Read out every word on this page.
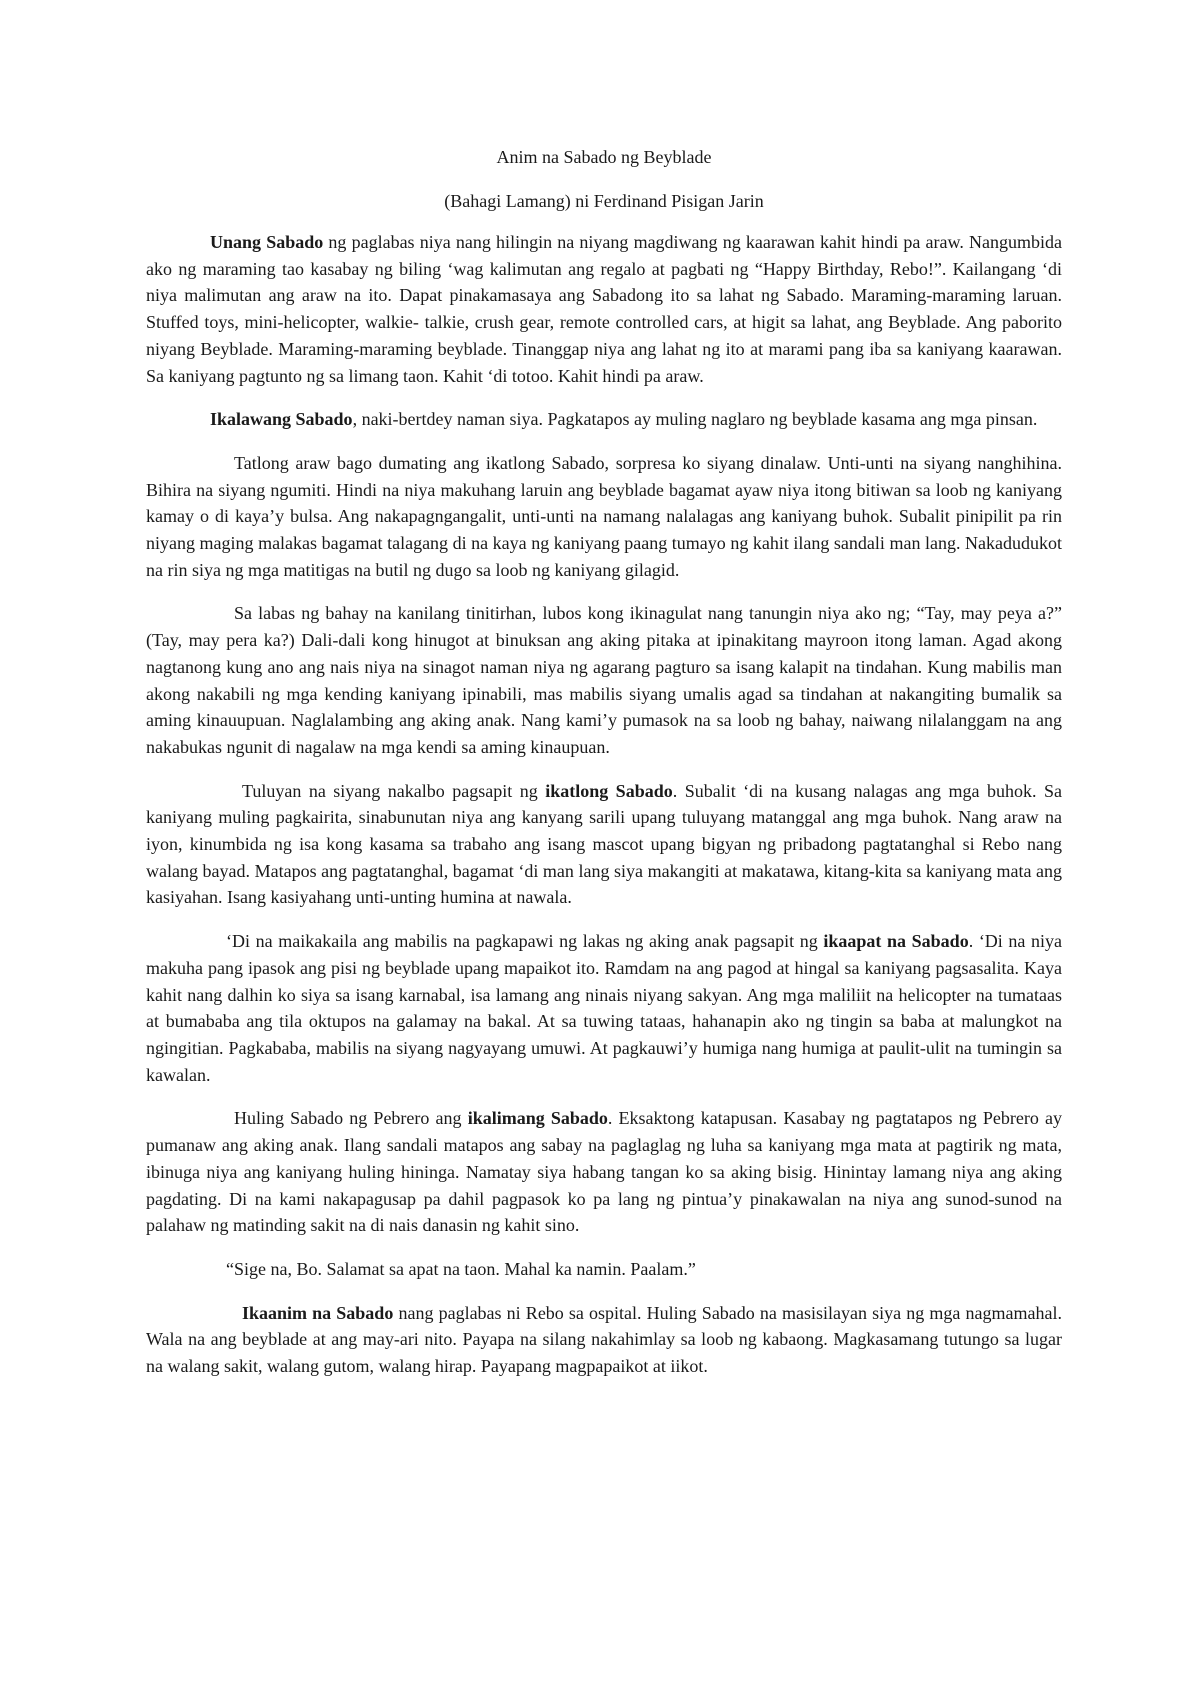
Anim na Sabado ng Beyblade
(Bahagi Lamang) ni Ferdinand Pisigan Jarin

Unang Sabado ng paglabas niya nang hilingin na niyang magdiwang ng kaarawan kahit hindi pa araw. Nangumbida ako ng maraming tao kasabay ng biling ‘wag kalimutan ang regalo at pagbati ng “Happy Birthday, Rebo!”. Kailangang ‘di niya malimutan ang araw na ito. Dapat pinakamasaya ang Sabadong ito sa lahat ng Sabado. Maraming-maraming laruan. Stuffed toys, mini-helicopter, walkie- talkie, crush gear, remote controlled cars, at higit sa lahat, ang Beyblade. Ang paborito niyang Beyblade. Maraming-maraming beyblade. Tinanggap niya ang lahat ng ito at marami pang iba sa kaniyang kaarawan. Sa kaniyang pagtunto ng sa limang taon. Kahit ‘di totoo. Kahit hindi pa araw.

Ikalawang Sabado, naki-bertdey naman siya. Pagkatapos ay muling naglaro ng beyblade kasama ang mga pinsan.

Tatlong araw bago dumating ang ikatlong Sabado, sorpresa ko siyang dinalaw. Unti-unti na siyang nanghihina. Bihira na siyang ngumiti. Hindi na niya makuhang laruin ang beyblade bagamat ayaw niya itong bitiwan sa loob ng kaniyang kamay o di kaya’y bulsa. Ang nakapagngangalit, unti-unti na namang nalalagas ang kaniyang buhok. Subalit pinipilit pa rin niyang maging malakas bagamat talagang di na kaya ng kaniyang paang tumayo ng kahit ilang sandali man lang. Nakadudukot na rin siya ng mga matitigas na butil ng dugo sa loob ng kaniyang gilagid.

Sa labas ng bahay na kanilang tinitirhan, lubos kong ikinagulat nang tanungin niya ako ng; “Tay, may peya a?” (Tay, may pera ka?) Dali-dali kong hinugot at binuksan ang aking pitaka at ipinakitang mayroon itong laman. Agad akong nagtanong kung ano ang nais niya na sinagot naman niya ng agarang pagturo sa isang kalapit na tindahan. Kung mabilis man akong nakabili ng mga kending kaniyang ipinabili, mas mabilis siyang umalis agad sa tindahan at nakangiting bumalik sa aming kinauupuan. Naglalambing ang aking anak. Nang kami’y pumasok na sa loob ng bahay, naiwang nilalanggam na ang nakabukas ngunit di nagalaw na mga kendi sa aming kinaupuan.

Tuluyan na siyang nakalbo pagsapit ng ikatlong Sabado. Subalit ‘di na kusang nalagas ang mga buhok. Sa kaniyang muling pagkairita, sinabunutan niya ang kanyang sarili upang tuluyang matanggal ang mga buhok. Nang araw na iyon, kinumbida ng isa kong kasama sa trabaho ang isang mascot upang bigyan ng pribadong pagtatanghal si Rebo nang walang bayad. Matapos ang pagtatanghal, bagamat ‘di man lang siya makangiti at makatawa, kitang-kita sa kaniyang mata ang kasiyahan. Isang kasiyahang unti-unting humina at nawala.

‘Di na maikakaila ang mabilis na pagkapawi ng lakas ng aking anak pagsapit ng ikaapat na Sabado. ‘Di na niya makuha pang ipasok ang pisi ng beyblade upang mapaikot ito. Ramdam na ang pagod at hingal sa kaniyang pagsasalita. Kaya kahit nang dalhin ko siya sa isang karnabal, isa lamang ang ninais niyang sakyan. Ang mga maliliit na helicopter na tumataas at bumababa ang tila oktupos na galamay na bakal. At sa tuwing tataas, hahanapin ako ng tingin sa baba at malungkot na ngingitian. Pagkababa, mabilis na siyang nagyayang umuwi. At pagkauwi’y humiga nang humiga at paulit-ulit na tumingin sa kawalan.

Huling Sabado ng Pebrero ang ikalimang Sabado. Eksaktong katapusan. Kasabay ng pagtatapos ng Pebrero ay pumanaw ang aking anak. Ilang sandali matapos ang sabay na paglaglag ng luha sa kaniyang mga mata at pagtirik ng mata, ibinuga niya ang kaniyang huling hininga. Namatay siya habang tangan ko sa aking bisig. Hinintay lamang niya ang aking pagdating. Di na kami nakapagusap pa dahil pagpasok ko pa lang ng pintua’y pinakawalan na niya ang sunod-sunod na palahaw ng matinding sakit na di nais danasin ng kahit sino.

“Sige na, Bo. Salamat sa apat na taon. Mahal ka namin. Paalam.”

Ikaanim na Sabado nang paglabas ni Rebo sa ospital. Huling Sabado na masisilayan siya ng mga nagmamahal. Wala na ang beyblade at ang may-ari nito. Payapa na silang nakahimlay sa loob ng kabaong. Magkasamang tutungo sa lugar na walang sakit, walang gutom, walang hirap. Payapang magpapaikot at iikot.
